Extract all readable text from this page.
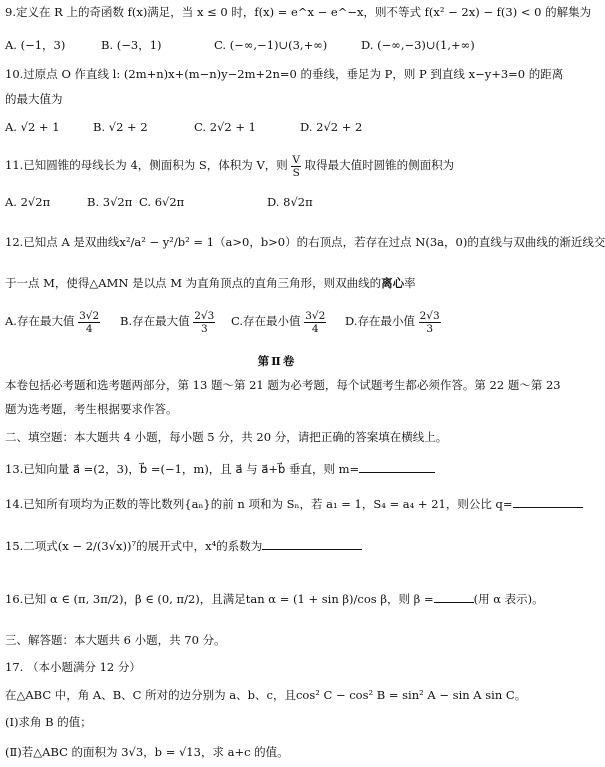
9.定义在 R 上的奇函数 f(x)满足，当 x ≤ 0 时，f(x) = e^x − e^−x，则不等式 f(x² − 2x) − f(3) < 0 的解集为
A. (−1，3)	B. (−3，1)	C. (−∞,−1)∪(3,+∞)	D. (−∞,−3)∪(1,+∞)
10.过原点 O 作直线 l: (2m+n)x+(m−n)y−2m+2n=0 的垂线，垂足为 P，则 P 到直线 x−y+3=0 的距离
的最大值为
A. √2 + 1	B. √2 + 2	C. 2√2 + 1	D. 2√2 + 2
11.已知圆锥的母线长为 4，侧面积为 S，体积为 V，则 $\frac{V}{S}$ 取得最大值时圆锥的侧面积为
A. 2√2π	B. 3√2π C. 6√2π	D. 8√2π
12.已知点 A 是双曲线x²/a² − y²/b² = 1（a>0，b>0）的右顶点，若存在过点 N(3a，0)的直线与双曲线的渐近线交
于一点 M，使得△AMN 是以点 M 为直角顶点的直角三角形，则双曲线的离心率
A.存在最大值 $\frac{3√2}{4} B$.存在最大值 $\frac{2√3}{3} C$.存在最小值 $\frac{3√2}{4} D$.存在最小值 $\frac{2√3}{3}$
第Ⅱ卷
本卷包括必考题和选考题两部分，第 13 题～第 21 题为必考题，每个试题考生都必须作答。第 22 题～第 23
题为选考题，考生根据要求作答。
二、填空题：本大题共 4 小题，每小题 5 分，共 20 分，请把正确的答案填在横线上。
13.已知向量 a⃗ =(2，3)，b⃗ =(−1，m)，且 a⃗ 与 a⃗+b⃗ 垂直，则 m=
14.已知所有项均为正数的等比数列{aₙ}的前 n 项和为 Sₙ，若 a₁ = 1，S₄ = a₄ + 21，则公比 q=
15.二项式(x − 2/(3√x))⁷的展开式中，x⁴的系数为
16.已知 α ∈ (π, 3π/2)，β ∈ (0, π/2)，且满足tan α = (1 + sin β)/cos β，则 β =	(用 α 表示)。
三、解答题：本大题共 6 小题，共 70 分。
17. （本小题满分 12 分）
在△ABC 中，角 A、B、C 所对的边分别为 a、b、c，且cos² C − cos² B = sin² A − sin A sin C。
(Ⅰ)求角 B 的值；
(Ⅱ)若△ABC 的面积为 3√3，b = √13，求 a+c 的值。
